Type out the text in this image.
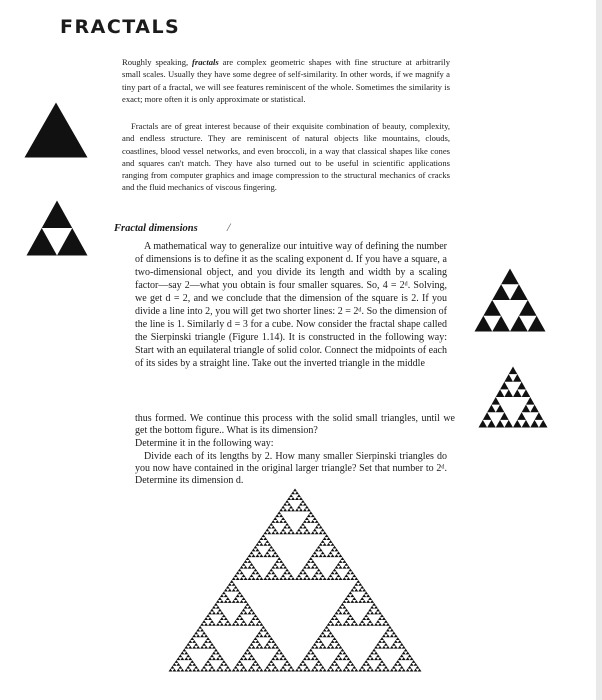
FRACTALS

Roughly speaking, fractals are complex geometric shapes with fine structure at arbitrarily small scales. Usually they have some degree of self-similarity. In other words, if we magnify a tiny part of a fractal, we will see features reminiscent of the whole. Sometimes the similarity is exact; more often it is only approximate or statistical.

Fractals are of great interest because of their exquisite combination of beauty, complexity, and endless structure. They are reminiscent of natural objects like mountains, clouds, coastlines, blood vessel networks, and even broccoli, in a way that classical shapes like cones and squares can't match. They have also turned out to be useful in scientific applications ranging from computer graphics and image compression to the structural mechanics of cracks and the fluid mechanics of viscous fingering.

Fractal dimensions /

A mathematical way to generalize our intuitive way of defining the number of dimensions is to define it as the scaling exponent d. If you have a square, a two-dimensional object, and you divide its length and width by a scaling factor—say 2—what you obtain is four smaller squares. So, 4 = 2ᵈ. Solving, we get d = 2, and we conclude that the dimension of the square is 2. If you divide a line into 2, you will get two shorter lines: 2 = 2ᵈ. So the dimension of the line is 1. Similarly d = 3 for a cube. Now consider the fractal shape called the Sierpinski triangle (Figure 1.14). It is constructed in the following way: Start with an equilateral triangle of solid color. Connect the midpoints of each of its sides by a straight line. Take out the inverted triangle in the middle

thus formed. We continue this process with the solid small triangles, until we get the bottom figure.. What is its dimension?

Determine it in the following way:

Divide each of its lengths by 2. How many smaller Sierpinski triangles do you now have contained in the original larger triangle? Set that number to 2ᵈ. Determine its dimension d.
